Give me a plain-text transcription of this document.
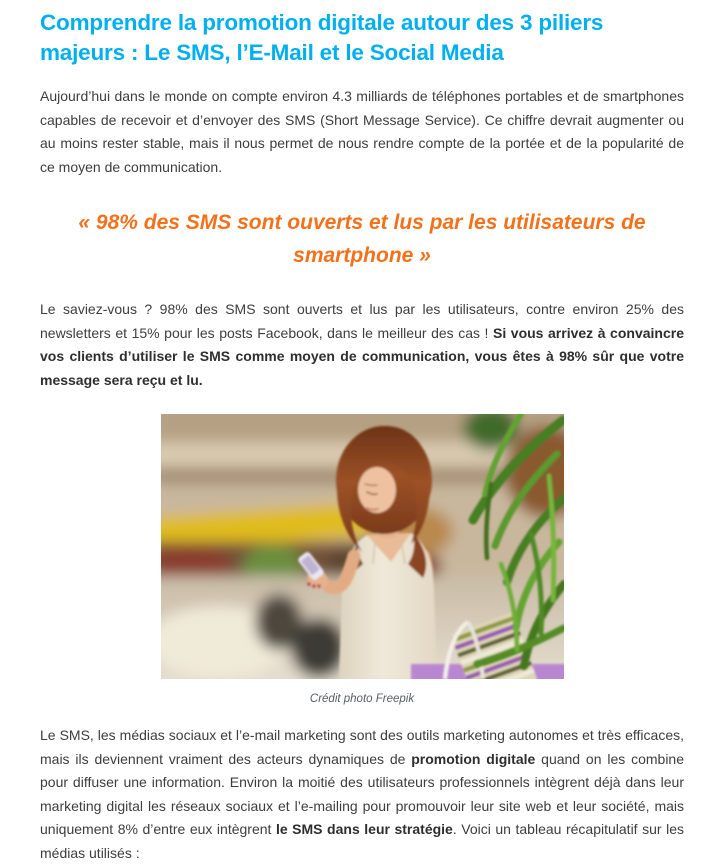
Comprendre la promotion digitale autour des 3 piliers majeurs : Le SMS, l’E-Mail et le Social Media

Aujourd’hui dans le monde on compte environ 4.3 milliards de téléphones portables et de smartphones capables de recevoir et d’envoyer des SMS (Short Message Service). Ce chiffre devrait augmenter ou au moins rester stable, mais il nous permet de nous rendre compte de la portée et de la popularité de ce moyen de communication.

« 98% des SMS sont ouverts et lus par les utilisateurs de smartphone »

Le saviez-vous ? 98% des SMS sont ouverts et lus par les utilisateurs, contre environ 25% des newsletters et 15% pour les posts Facebook, dans le meilleur des cas ! Si vous arrivez à convaincre vos clients d’utiliser le SMS comme moyen de communication, vous êtes à 98% sûr que votre message sera reçu et lu.

Crédit photo Freepik

Le SMS, les médias sociaux et l’e-mail marketing sont des outils marketing autonomes et très efficaces, mais ils deviennent vraiment des acteurs dynamiques de promotion digitale quand on les combine pour diffuser une information. Environ la moitié des utilisateurs professionnels intègrent déjà dans leur marketing digital les réseaux sociaux et l’e-mailing pour promouvoir leur site web et leur société, mais uniquement 8% d’entre eux intègrent le SMS dans leur stratégie. Voici un tableau récapitulatif sur les médias utilisés :
